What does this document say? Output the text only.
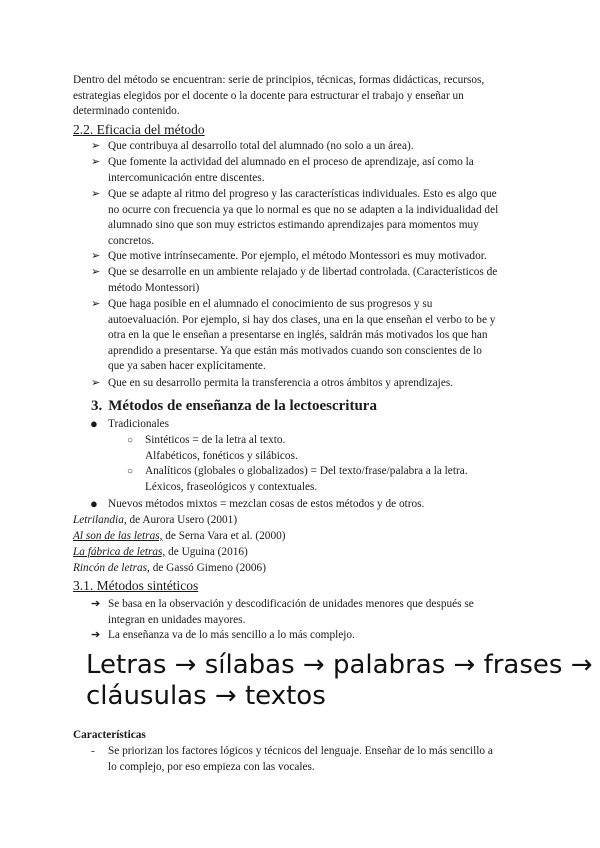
Dentro del método se encuentran: serie de principios, técnicas, formas didácticas, recursos,
estrategias elegidos por el docente o la docente para estructurar el trabajo y enseñar un
determinado contenido.
2.2. Eficacia del método
➢ Que contribuya al desarrollo total del alumnado (no solo a un área).
➢ Que fomente la actividad del alumnado en el proceso de aprendizaje, así como la
intercomunicación entre discentes.
➢ Que se adapte al ritmo del progreso y las características individuales. Esto es algo que
no ocurre con frecuencia ya que lo normal es que no se adapten a la individualidad del
alumnado sino que son muy estrictos estimando aprendizajes para momentos muy
concretos.
➢ Que motive intrínsecamente. Por ejemplo, el método Montessori es muy motivador.
➢ Que se desarrolle en un ambiente relajado y de libertad controlada. (Característicos de
método Montessori)
➢ Que haga posible en el alumnado el conocimiento de sus progresos y su
autoevaluación. Por ejemplo, si hay dos clases, una en la que enseñan el verbo to be y
otra en la que le enseñan a presentarse en inglés, saldrán más motivados los que han
aprendido a presentarse. Ya que están más motivados cuando son conscientes de lo
que ya saben hacer explícitamente.
➢ Que en su desarrollo permita la transferencia a otros ámbitos y aprendizajes.
3. Métodos de enseñanza de la lectoescritura
● Tradicionales
○ Sintéticos = de la letra al texto.
Alfabéticos, fonéticos y silábicos.
○ Analíticos (globales o globalizados) = Del texto/frase/palabra a la letra.
Léxicos, fraseológicos y contextuales.
● Nuevos métodos mixtos = mezclan cosas de estos métodos y de otros.
Letrilandia, de Aurora Usero (2001)
Al son de las letras, de Serna Vara et al. (2000)
La fábrica de letras, de Uguina (2016)
Rincón de letras, de Gassó Gimeno (2006)
3.1. Métodos sintéticos
➔ Se basa en la observación y descodificación de unidades menores que después se
integran en unidades mayores.
➔ La enseñanza va de lo más sencillo a lo más complejo.
Letras → sílabas → palabras → frases →
cláusulas → textos
Características
- Se priorizan los factores lógicos y técnicos del lenguaje. Enseñar de lo más sencillo a
lo complejo, por eso empieza con las vocales.
